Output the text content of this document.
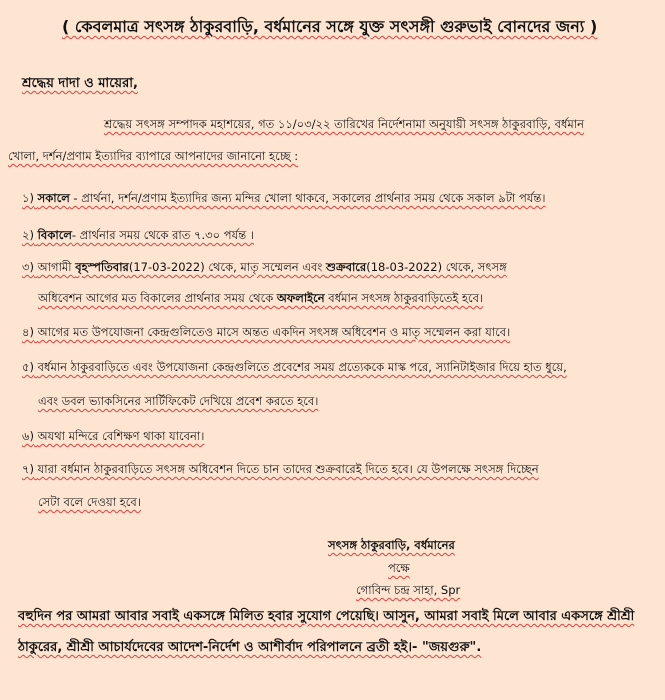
( কেবলমাত্র সৎসঙ্গ ঠাকুরবাড়ি, বর্ধমানের সঙ্গে যুক্ত সৎসঙ্গী গুরুভাই বোনদের জন্য )
শ্রদ্ধেয় দাদা ও মায়েরা,
শ্রদ্ধেয় সৎসঙ্গ সম্পাদক মহাশয়ের, গত ১১/০৩/২২ তারিখের নির্দেশনামা অনুযায়ী সৎসঙ্গ ঠাকুরবাড়ি, বর্ধমান
খোলা, দর্শন/প্রণাম ইত্যাদির ব্যাপারে আপনাদের জানানো হচ্ছে :
১) সকালে - প্রার্থনা, দর্শন/প্রণাম ইত্যাদির জন্য মন্দির খোলা থাকবে, সকালের প্রার্থনার সময় থেকে সকাল ৯টা পর্যন্ত।
২) বিকালে- প্রার্থনার সময় থেকে রাত ৭.৩০ পর্যন্ত ।
৩) আগামী বৃহস্পতিবার(17-03-2022) থেকে, মাতৃ সম্মেলন এবং শুক্রবারে(18-03-2022) থেকে, সৎসঙ্গ
অধিবেশন আগের মত বিকালের প্রার্থনার সময় থেকে অফলাইনে বর্ধমান সৎসঙ্গ ঠাকুরবাড়িতেই হবে।
৪) আগের মত উপযোজনা কেন্দ্রগুলিতেও মাসে অন্তত একদিন সৎসঙ্গ অধিবেশন ও মাতৃ সম্মেলন করা যাবে।
৫) বর্ধমান ঠাকুরবাড়িতে এবং উপযোজনা কেন্দ্রগুলিতে প্রবেশের সময় প্রত্যেককে মাস্ক পরে, স্যানিটাইজার দিয়ে হাত ধুয়ে,
এবং ডবল ভ্যাকসিনের সার্টিফিকেট দেখিয়ে প্রবেশ করতে হবে।
৬) অযথা মন্দিরে বেশিক্ষণ থাকা যাবেনা।
৭) যারা বর্ধমান ঠাকুরবাড়িতে সৎসঙ্গ অধিবেশন দিতে চান তাদের শুক্রবারেই দিতে হবে। যে উপলক্ষে সৎসঙ্গ দিচ্ছেন
সেটা বলে দেওয়া হবে।
সৎসঙ্গ ঠাকুরবাড়ি, বর্ধমানের
পক্ষে
গোবিন্দ চন্দ্র সাহা, Spr
বহুদিন পর আমরা আবার সবাই একসঙ্গে মিলিত হবার সুযোগ পেয়েছি। আসুন, আমরা সবাই মিলে আবার একসঙ্গে শ্রীশ্রী
ঠাকুরের, শ্রীশ্রী আচার্যদেবের আদেশ-নির্দেশ ও আশীর্বাদ পরিপালনে ব্রতী হই।- "জয়গুরু".
